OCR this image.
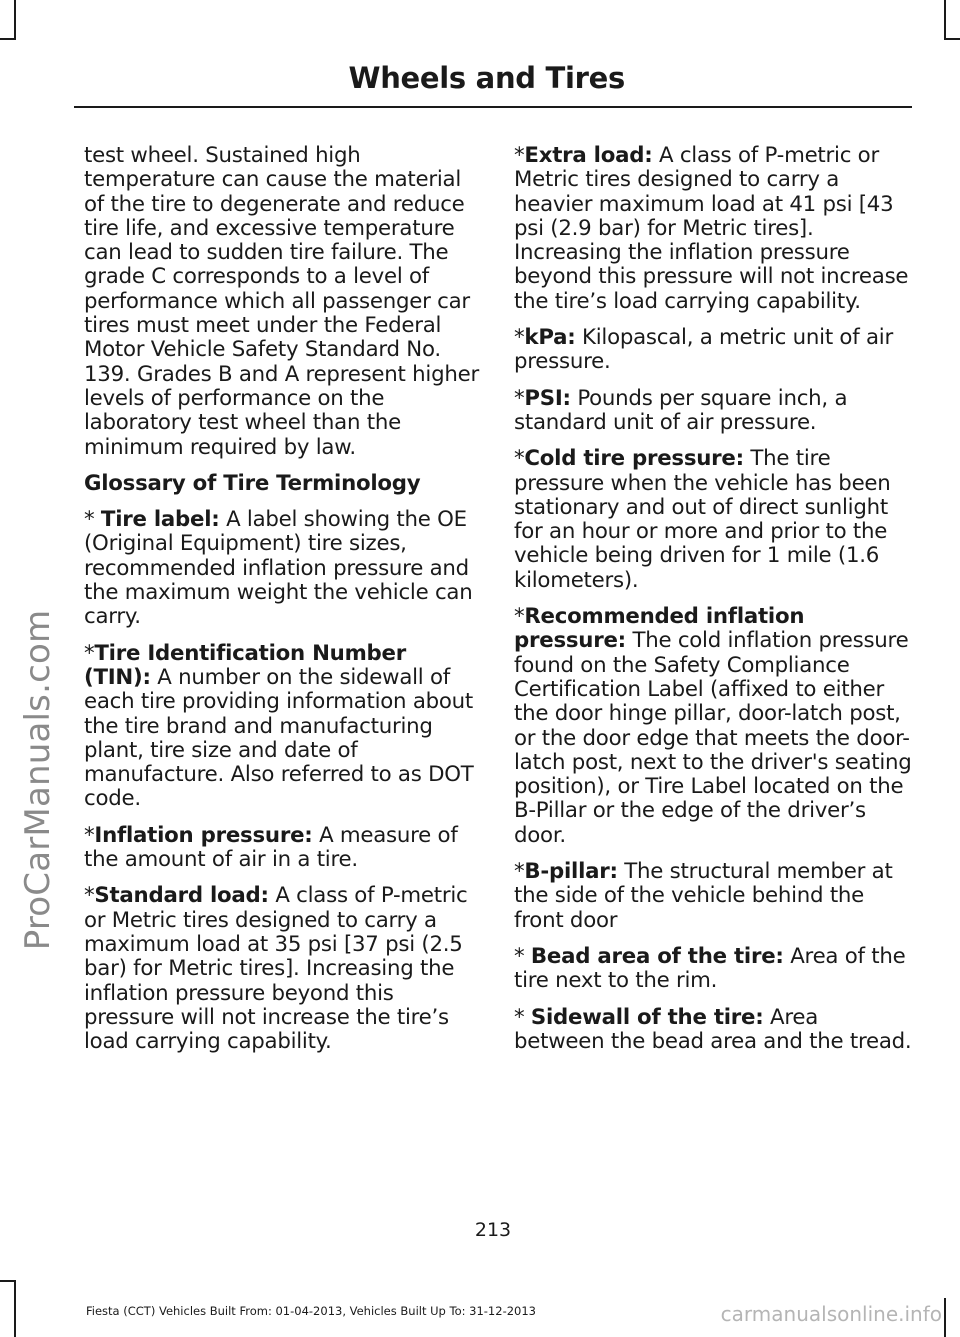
ProCarManuals.com
Wheels and Tires

test wheel. Sustained high temperature can cause the material of the tire to degenerate and reduce tire life, and excessive temperature can lead to sudden tire failure. The grade C corresponds to a level of performance which all passenger car tires must meet under the Federal Motor Vehicle Safety Standard No. 139. Grades B and A represent higher levels of performance on the laboratory test wheel than the minimum required by law.

Glossary of Tire Terminology

* Tire label: A label showing the OE (Original Equipment) tire sizes, recommended inflation pressure and the maximum weight the vehicle can carry.

*Tire Identification Number (TIN): A number on the sidewall of each tire providing information about the tire brand and manufacturing plant, tire size and date of manufacture. Also referred to as DOT code.

*Inflation pressure: A measure of the amount of air in a tire.

*Standard load: A class of P-metric or Metric tires designed to carry a maximum load at 35 psi [37 psi (2.5 bar) for Metric tires]. Increasing the inflation pressure beyond this pressure will not increase the tire’s load carrying capability.

*Extra load: A class of P-metric or Metric tires designed to carry a heavier maximum load at 41 psi [43 psi (2.9 bar) for Metric tires]. Increasing the inflation pressure beyond this pressure will not increase the tire’s load carrying capability.

*kPa: Kilopascal, a metric unit of air pressure.

*PSI: Pounds per square inch, a standard unit of air pressure.

*Cold tire pressure: The tire pressure when the vehicle has been stationary and out of direct sunlight for an hour or more and prior to the vehicle being driven for 1 mile (1.6 kilometers).

*Recommended inflation pressure: The cold inflation pressure found on the Safety Compliance Certification Label (affixed to either the door hinge pillar, door-latch post, or the door edge that meets the door-latch post, next to the driver's seating position), or Tire Label located on the B-Pillar or the edge of the driver’s door.

*B-pillar: The structural member at the side of the vehicle behind the front door

* Bead area of the tire: Area of the tire next to the rim.

* Sidewall of the tire: Area between the bead area and the tread.

213
Fiesta (CCT) Vehicles Built From: 01-04-2013, Vehicles Built Up To: 31-12-2013	carmanualsonline.info
